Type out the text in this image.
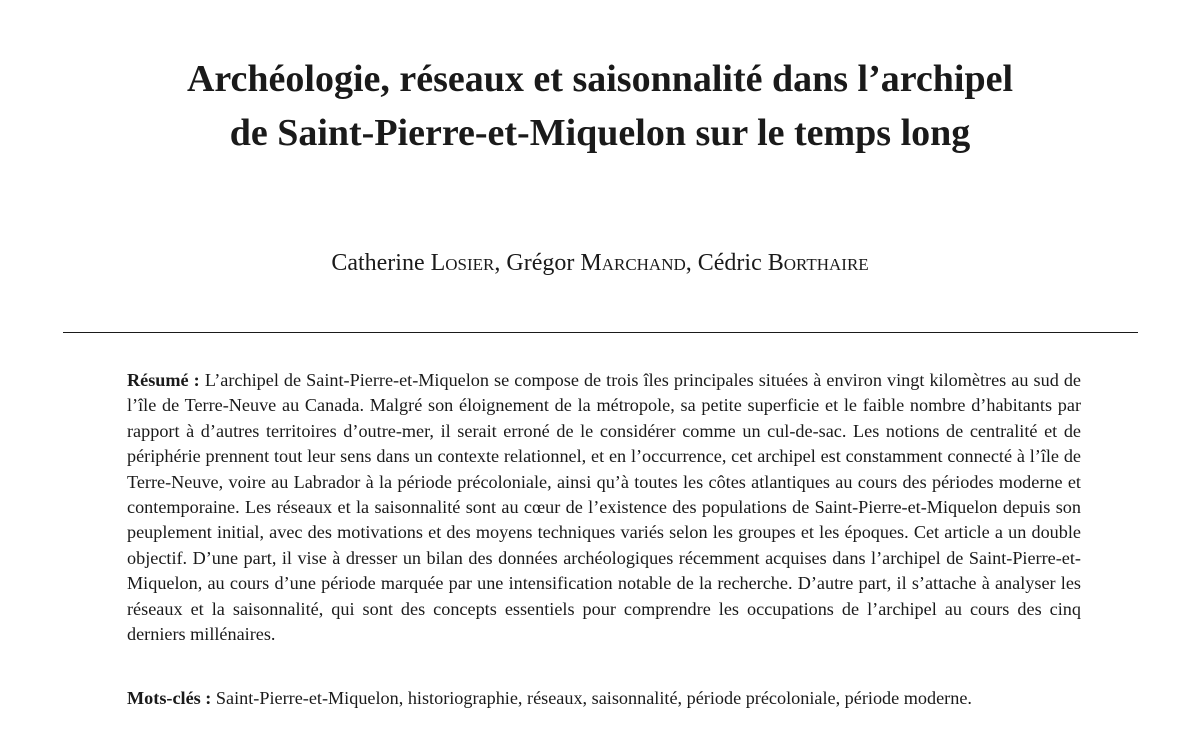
Archéologie, réseaux et saisonnalité dans l’archipel
de Saint-Pierre-et-Miquelon sur le temps long
Catherine Losier, Grégor Marchand, Cédric Borthaire

Résumé : L’archipel de Saint-Pierre-et-Miquelon se compose de trois îles principales situées à environ vingt kilomètres au sud de l’île de Terre-Neuve au Canada. Malgré son éloignement de la métropole, sa petite superficie et le faible nombre d’habitants par rapport à d’autres territoires d’outre-mer, il serait erroné de le considérer comme un cul-de-sac. Les notions de centralité et de périphérie prennent tout leur sens dans un contexte relationnel, et en l’occurrence, cet archipel est constamment connecté à l’île de Terre-Neuve, voire au Labrador à la période précoloniale, ainsi qu’à toutes les côtes atlantiques au cours des périodes moderne et contemporaine. Les réseaux et la saisonnalité sont au cœur de l’existence des populations de Saint-Pierre-et-Miquelon depuis son peuplement initial, avec des motivations et des moyens techniques variés selon les groupes et les époques. Cet article a un double objectif. D’une part, il vise à dresser un bilan des données archéologiques récemment acquises dans l’archipel de Saint-Pierre-et-Miquelon, au cours d’une période marquée par une intensification notable de la recherche. D’autre part, il s’attache à analyser les réseaux et la saisonnalité, qui sont des concepts essentiels pour comprendre les occupations de l’archipel au cours des cinq derniers millénaires.

Mots-clés : Saint-Pierre-et-Miquelon, historiographie, réseaux, saisonnalité, période précoloniale, période moderne.
